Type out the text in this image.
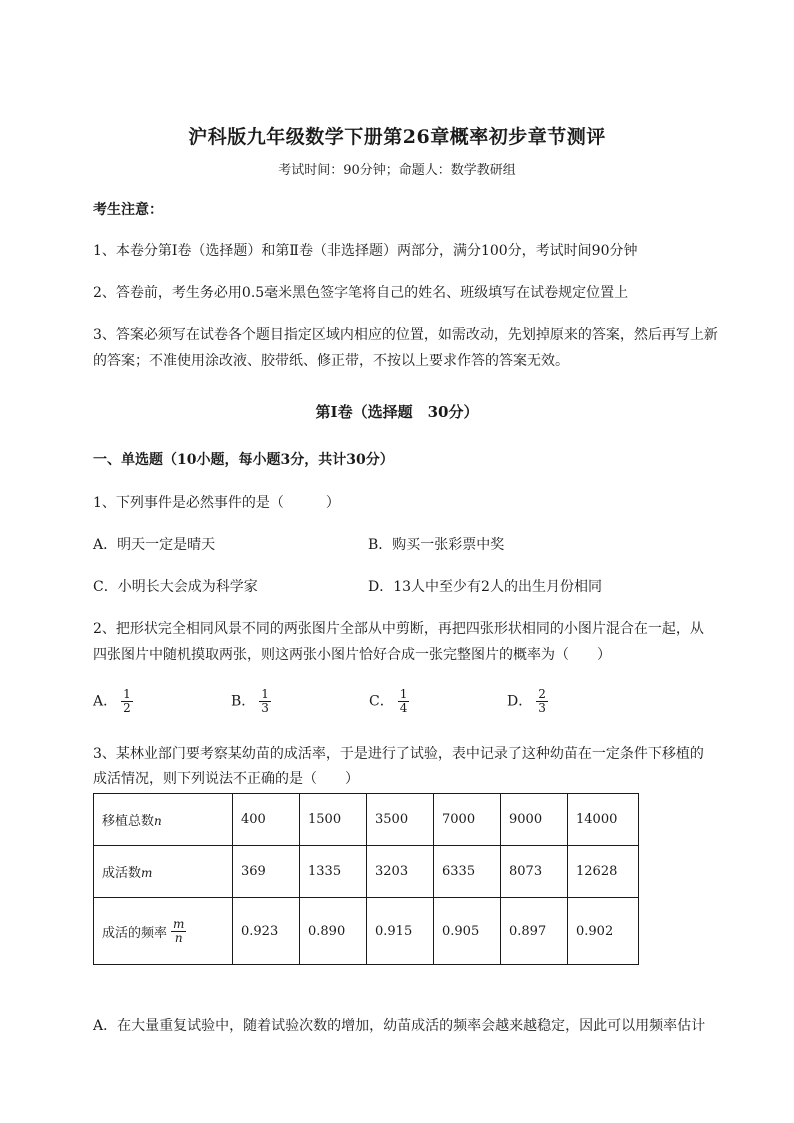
沪科版九年级数学下册第26章概率初步章节测评
考试时间：90分钟；命题人：数学教研组
考生注意：
1、本卷分第I卷（选择题）和第Ⅱ卷（非选择题）两部分，满分100分，考试时间90分钟
2、答卷前，考生务必用0.5毫米黑色签字笔将自己的姓名、班级填写在试卷规定位置上
3、答案必须写在试卷各个题目指定区域内相应的位置，如需改动，先划掉原来的答案，然后再写上新
的答案；不准使用涂改液、胶带纸、修正带，不按以上要求作答的答案无效。
第I卷（选择题　30分）
一、单选题（10小题，每小题3分，共计30分）
1、下列事件是必然事件的是（　　　）
A．明天一定是晴天	B．购买一张彩票中奖
C．小明长大会成为科学家	D．13人中至少有2人的出生月份相同
2、把形状完全相同风景不同的两张图片全部从中剪断，再把四张形状相同的小图片混合在一起，从
四张图片中随机摸取两张，则这两张小图片恰好合成一张完整图片的概率为（　　）
A． $\frac{1}{2}$	B． $\frac{1}{3}$	C． $\frac{1}{4}$	D． $\frac{2}{3}$
3、某林业部门要考察某幼苗的成活率，于是进行了试验，表中记录了这种幼苗在一定条件下移植的
成活情况，则下列说法不正确的是（　　）
移植总数n	400	1500	3500	7000	9000	14000
成活数m	369	1335	3203	6335	8073	12628

成活的频率 $\frac{m}{n}$	0.923	0.890	0.915	0.905	0.897	0.902
A．在大量重复试验中，随着试验次数的增加，幼苗成活的频率会越来越稳定，因此可以用频率估计
